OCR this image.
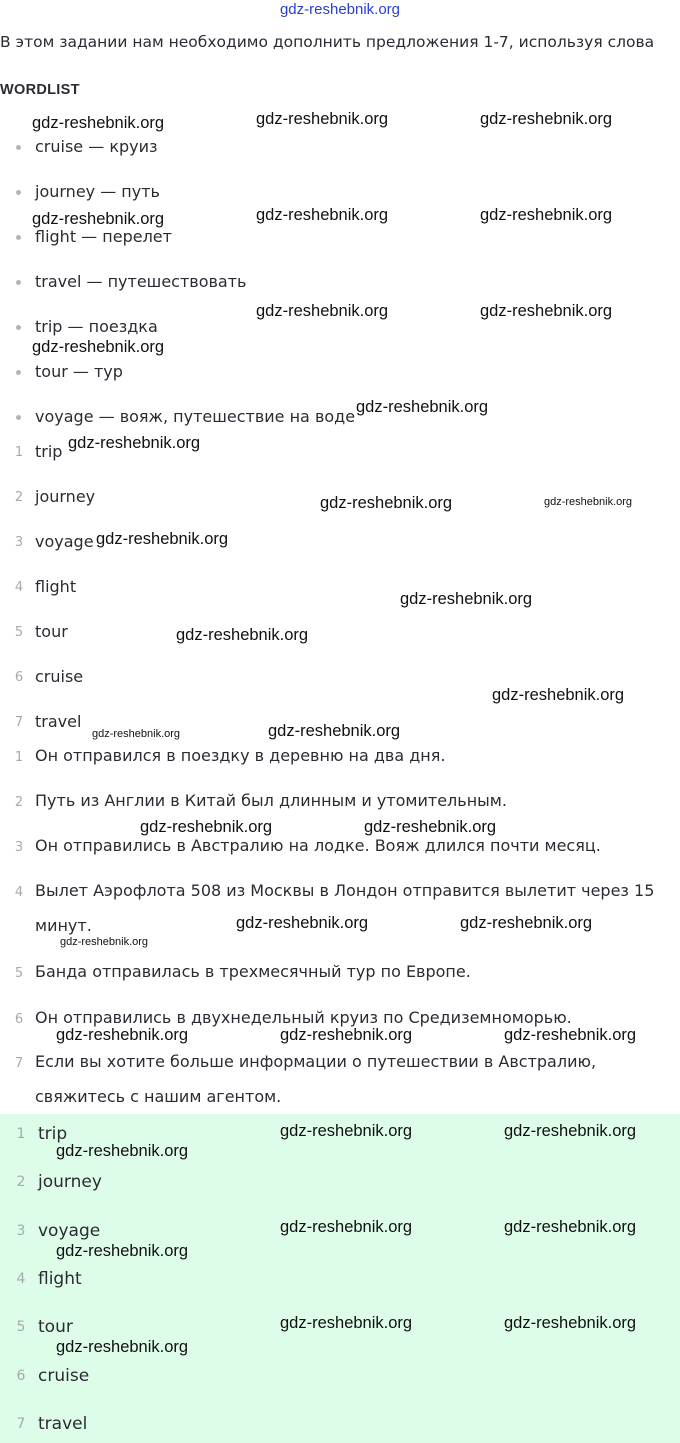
gdz-reshebnik.org
В этом задании нам необходимо дополнить предложения 1-7, используя слова
WORDLIST
cruise — круиз
journey — путь
flight — перелет
travel — путешествовать
trip — поездка
tour — тур
voyage — вояж, путешествие на воде
1 trip
2 journey
3 voyage
4 flight
5 tour
6 cruise
7 travel
1 Он отправился в поездку в деревню на два дня.
2 Путь из Англии в Китай был длинным и утомительным.
3 Он отправились в Австралию на лодке. Вояж длился почти месяц.
4 Вылет Аэрофлота 508 из Москвы в Лондон отправится вылетит через 15
минут.
5 Банда отправилась в трехмесячный тур по Европе.
6 Он отправились в двухнедельный круиз по Средиземноморью.
7 Если вы хотите больше информации о путешествии в Австралию,
свяжитесь с нашим агентом.
1 trip
2 journey
3 voyage
4 flight
5 tour
6 cruise
7 travel
gdz-reshebnik.org	gdz-reshebnik.org	gdz-reshebnik.org
gdz-reshebnik.org	gdz-reshebnik.org	gdz-reshebnik.org
gdz-reshebnik.org	gdz-reshebnik.org
gdz-reshebnik.org
gdz-reshebnik.org
gdz-reshebnik.org
gdz-reshebnik.org	gdz-reshebnik.org
gdz-reshebnik.org
gdz-reshebnik.org
gdz-reshebnik.org
gdz-reshebnik.org
gdz-reshebnik.org	gdz-reshebnik.org
gdz-reshebnik.org	gdz-reshebnik.org
gdz-reshebnik.org	gdz-reshebnik.org
gdz-reshebnik.org
gdz-reshebnik.org	gdz-reshebnik.org	gdz-reshebnik.org
gdz-reshebnik.org	gdz-reshebnik.org
gdz-reshebnik.org
gdz-reshebnik.org	gdz-reshebnik.org
gdz-reshebnik.org
gdz-reshebnik.org	gdz-reshebnik.org
gdz-reshebnik.org
